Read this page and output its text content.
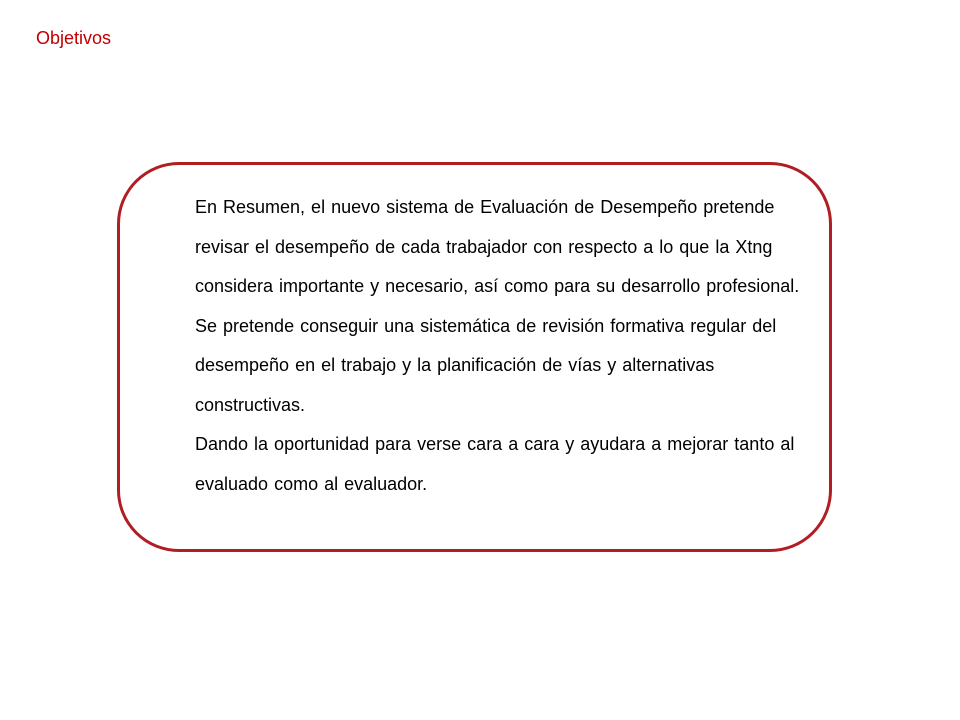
Objetivos

En Resumen, el nuevo sistema de Evaluación de Desempeño pretende revisar el desempeño de cada trabajador con respecto a lo que la Xtng considera importante y necesario, así como para su desarrollo profesional.

Se pretende conseguir una sistemática de revisión formativa regular del desempeño en el trabajo y la planificación de vías y alternativas constructivas.

Dando la oportunidad para verse cara a cara y ayudara a mejorar tanto al evaluado como al evaluador.
